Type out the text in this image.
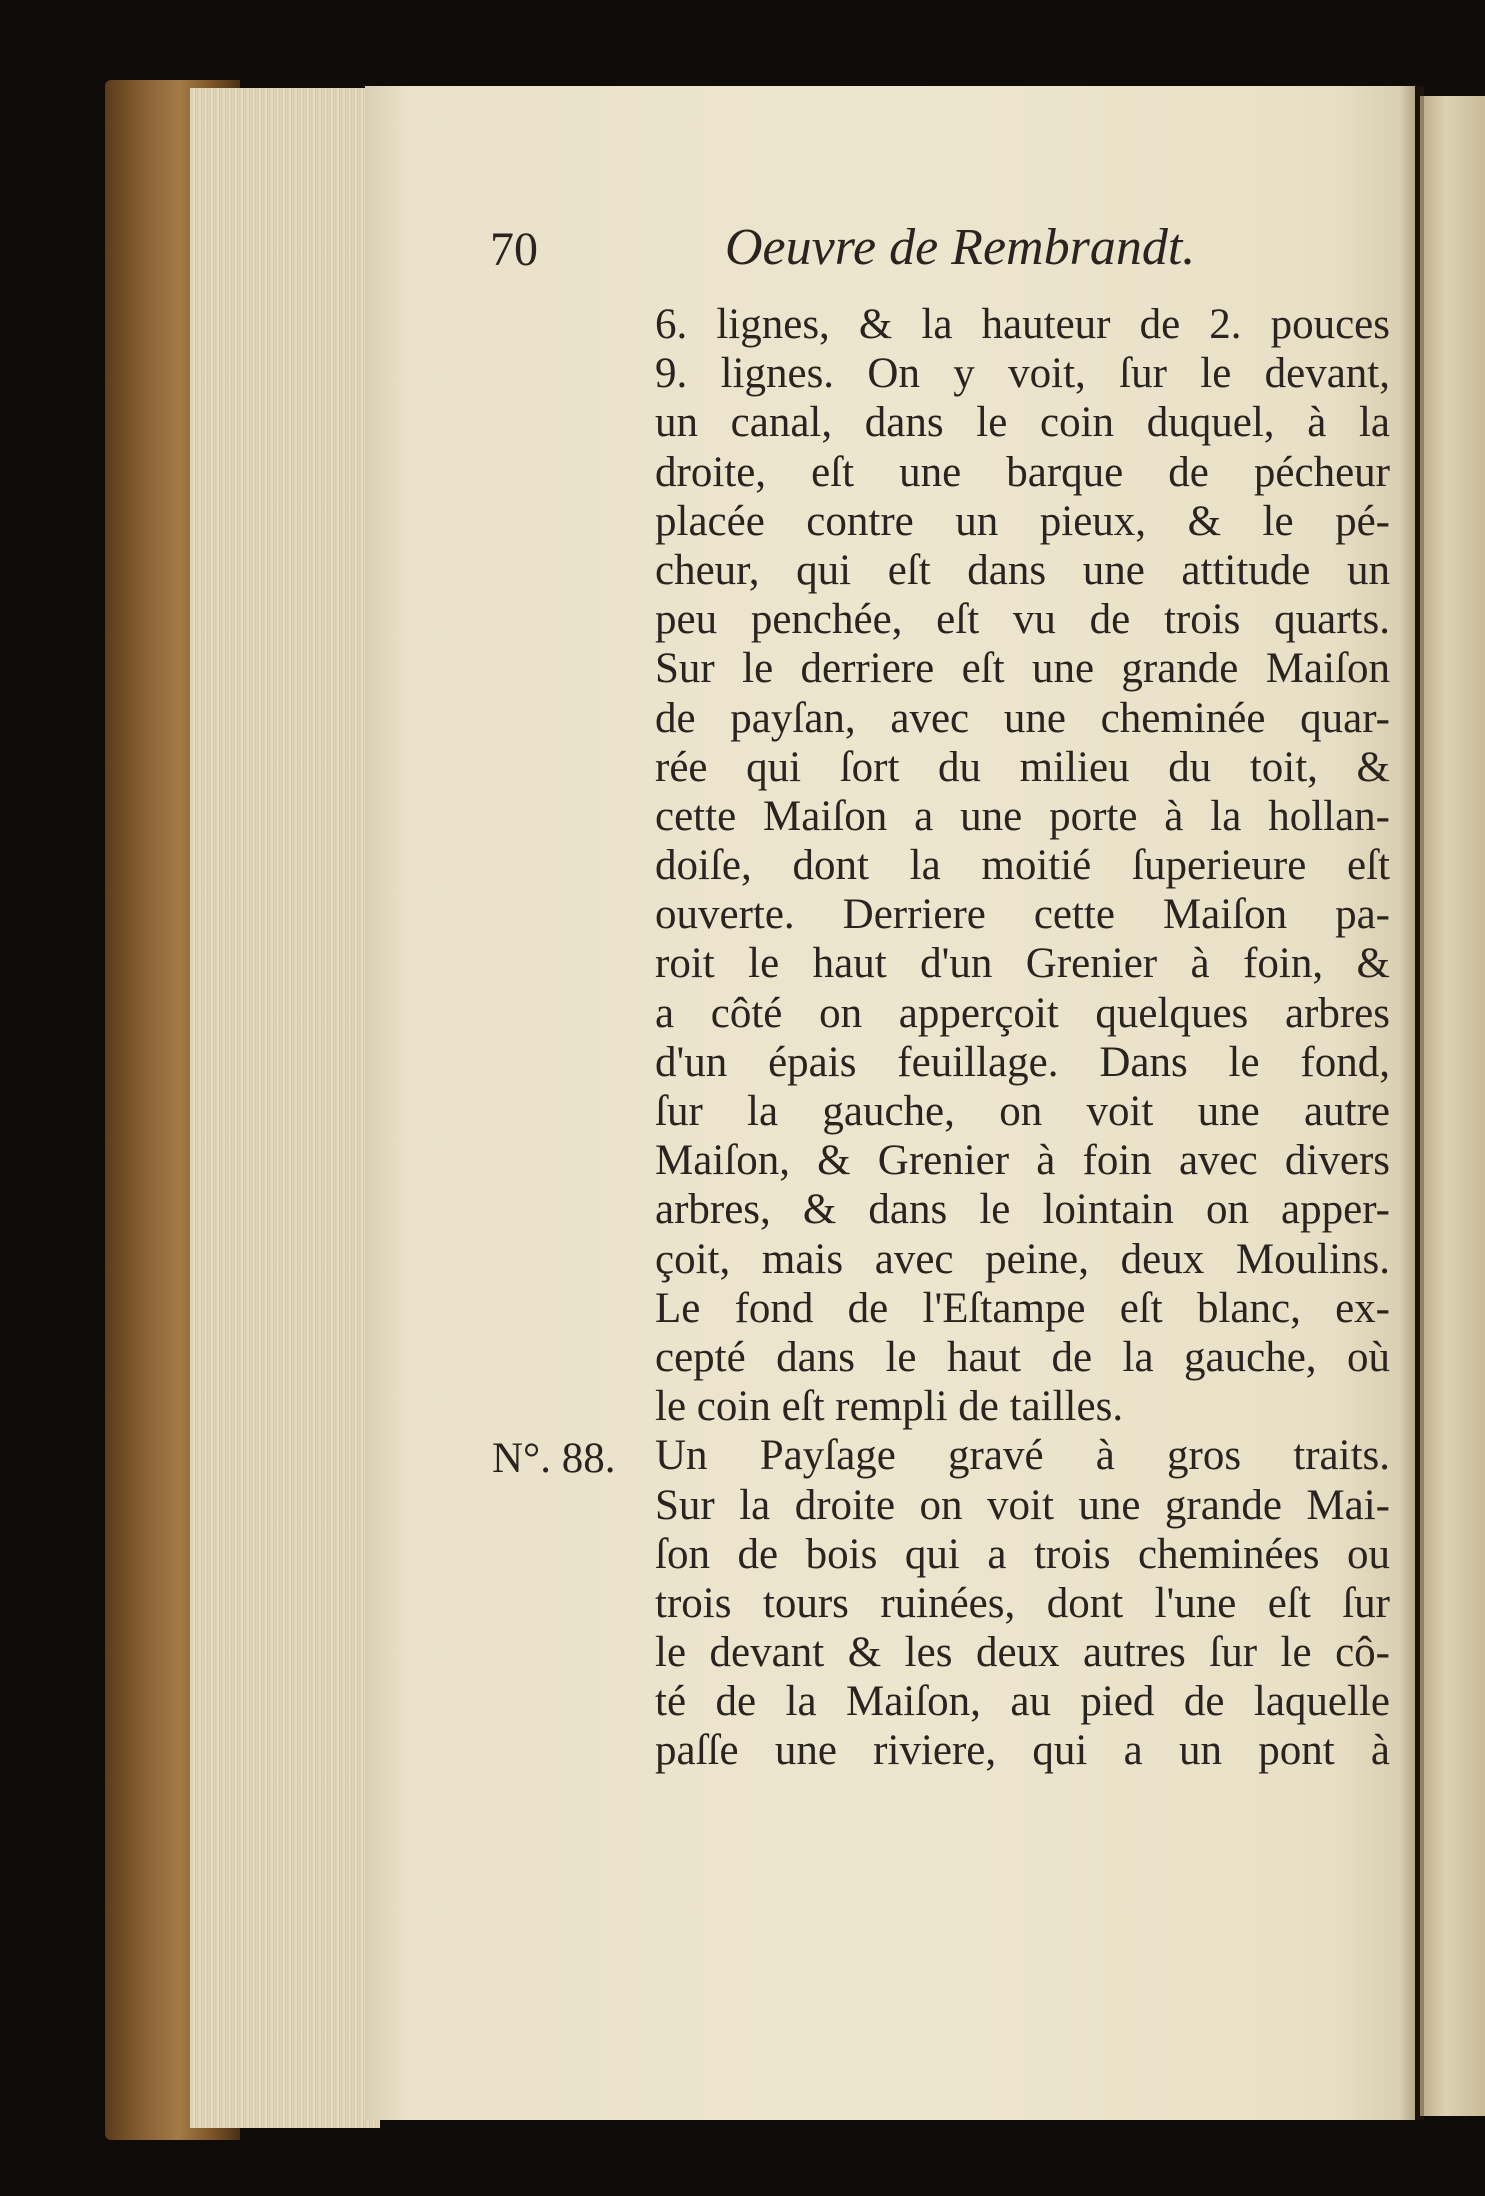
70	Oeuvre de Rembrandt.
N°. 88.
6. lignes, & la hauteur de 2. pouces
9. lignes. On y voit, ſur le devant,
un canal, dans le coin duquel, à la
droite, eſt une barque de pécheur
placée contre un pieux, & le pé-
cheur, qui eſt dans une attitude un
peu penchée, eſt vu de trois quarts.
Sur le derriere eſt une grande Maiſon
de payſan, avec une cheminée quar-
rée qui ſort du milieu du toit, &
cette Maiſon a une porte à la hollan-
doiſe, dont la moitié ſuperieure eſt
ouverte. Derriere cette Maiſon pa-
roit le haut d'un Grenier à foin, &
a côté on apperçoit quelques arbres
d'un épais feuillage. Dans le fond,
ſur la gauche, on voit une autre
Maiſon, & Grenier à foin avec divers
arbres, & dans le lointain on apper-
çoit, mais avec peine, deux Moulins.
Le fond de l'Eſtampe eſt blanc, ex-
cepté dans le haut de la gauche, où
le coin eſt rempli de tailles.
Un Payſage gravé à gros traits.
Sur la droite on voit une grande Mai-
ſon de bois qui a trois cheminées ou
trois tours ruinées, dont l'une eſt ſur
le devant & les deux autres ſur le cô-
té de la Maiſon, au pied de laquelle
paſſe une riviere, qui a un pont à
